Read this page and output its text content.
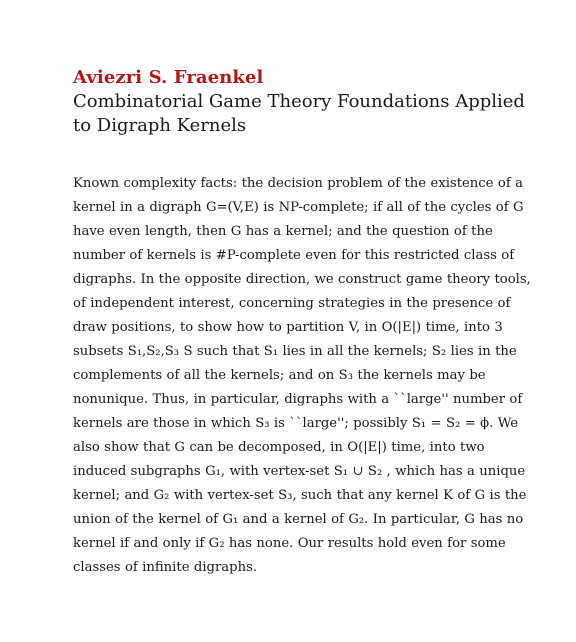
Aviezri S. Fraenkel
Combinatorial Game Theory Foundations Applied
to Digraph Kernels
Known complexity facts: the decision problem of the existence of a
kernel in a digraph G=(V,E) is NP-complete; if all of the cycles of G
have even length, then G has a kernel; and the question of the
number of kernels is #P-complete even for this restricted class of
digraphs. In the opposite direction, we construct game theory tools,
of independent interest, concerning strategies in the presence of
draw positions, to show how to partition V, in O(|E|) time, into 3
subsets S₁,S₂,S₃ S such that S₁ lies in all the kernels; S₂ lies in the
complements of all the kernels; and on S₃ the kernels may be
nonunique. Thus, in particular, digraphs with a ``large'' number of
kernels are those in which S₃ is ``large''; possibly S₁ = S₂ = ϕ. We
also show that G can be decomposed, in O(|E|) time, into two
induced subgraphs G₁, with vertex-set S₁ ∪ S₂ , which has a unique
kernel; and G₂ with vertex-set S₃, such that any kernel K of G is the
union of the kernel of G₁ and a kernel of G₂. In particular, G has no
kernel if and only if G₂ has none. Our results hold even for some
classes of infinite digraphs.
